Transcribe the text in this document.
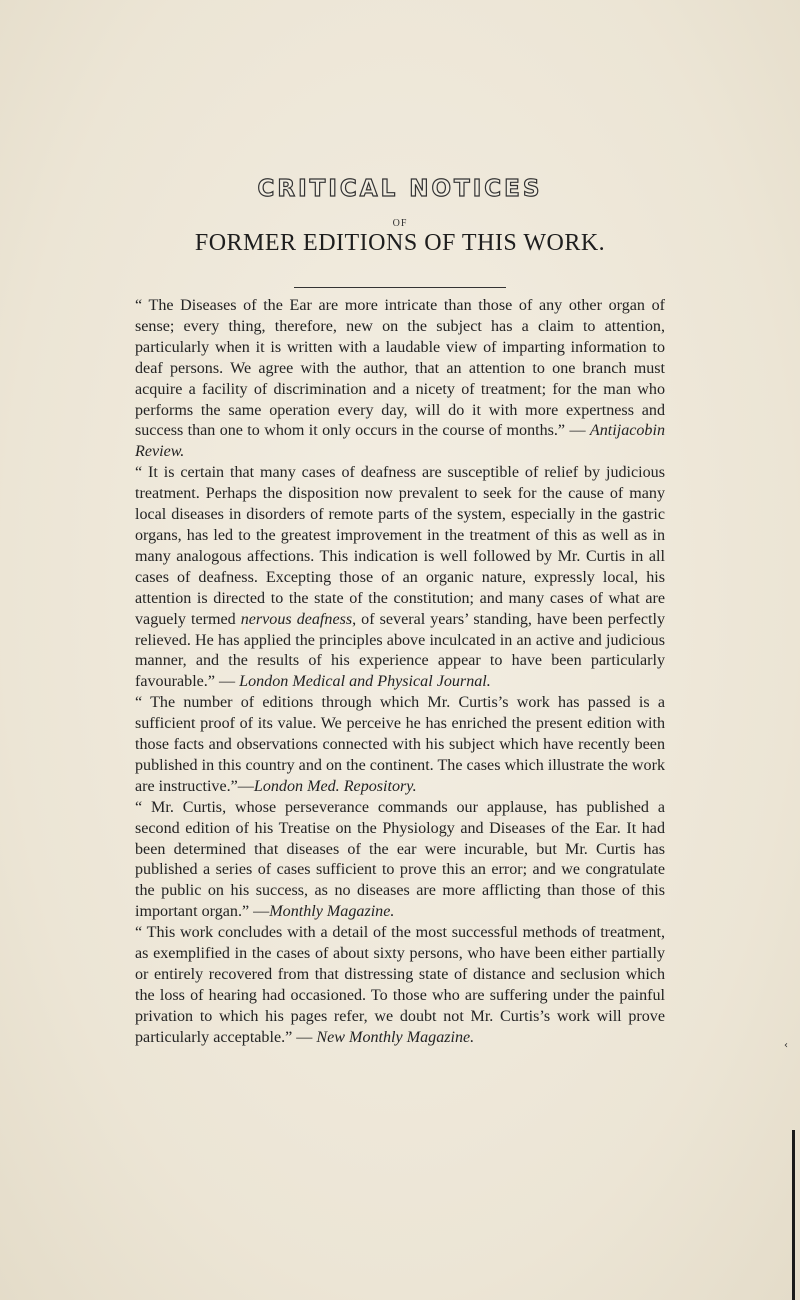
CRITICAL NOTICES
OF
FORMER EDITIONS OF THIS WORK.

“ The Diseases of the Ear are more intricate than those of any other organ of sense; every thing, therefore, new on the subject has a claim to attention, particularly when it is written with a laudable view of imparting information to deaf persons. We agree with the author, that an attention to one branch must acquire a facility of discrimination and a nicety of treatment; for the man who performs the same operation every day, will do it with more expertness and success than one to whom it only occurs in the course of months.” — Antijacobin Review.

“ It is certain that many cases of deafness are susceptible of relief by judicious treatment. Perhaps the disposition now prevalent to seek for the cause of many local diseases in disorders of remote parts of the system, especially in the gastric organs, has led to the greatest improvement in the treatment of this as well as in many analogous affections. This indication is well followed by Mr. Curtis in all cases of deafness. Excepting those of an organic nature, expressly local, his attention is directed to the state of the constitution; and many cases of what are vaguely termed nervous deafness, of several years’ standing, have been perfectly relieved. He has applied the principles above inculcated in an active and judicious manner, and the results of his experience appear to have been particularly favourable.” — London Medical and Physical Journal.

“ The number of editions through which Mr. Curtis’s work has passed is a sufficient proof of its value. We perceive he has enriched the present edition with those facts and observations connected with his subject which have recently been published in this country and on the continent. The cases which illustrate the work are instructive.”—London Med. Repository.

“ Mr. Curtis, whose perseverance commands our applause, has published a second edition of his Treatise on the Physiology and Diseases of the Ear. It had been determined that diseases of the ear were incurable, but Mr. Curtis has published a series of cases sufficient to prove this an error; and we congratulate the public on his success, as no diseases are more afflicting than those of this important organ.” —Monthly Magazine.

“ This work concludes with a detail of the most successful methods of treatment, as exemplified in the cases of about sixty persons, who have been either partially or entirely recovered from that distressing state of distance and seclusion which the loss of hearing had occasioned. To those who are suffering under the painful privation to which his pages refer, we doubt not Mr. Curtis’s work will prove particularly acceptable.” — New Monthly Magazine.	‹
